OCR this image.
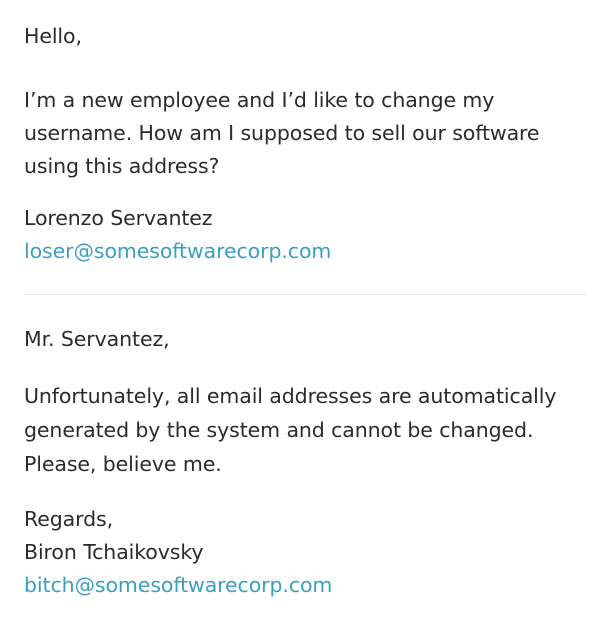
Hello,
I’m a new employee and I’d like to change my
username. How am I supposed to sell our software
using this address?
Lorenzo Servantez
loser@somesoftwarecorp.com
Mr. Servantez,
Unfortunately, all email addresses are automatically
generated by the system and cannot be changed.
Please, believe me.
Regards,
Biron Tchaikovsky
bitch@somesoftwarecorp.com
